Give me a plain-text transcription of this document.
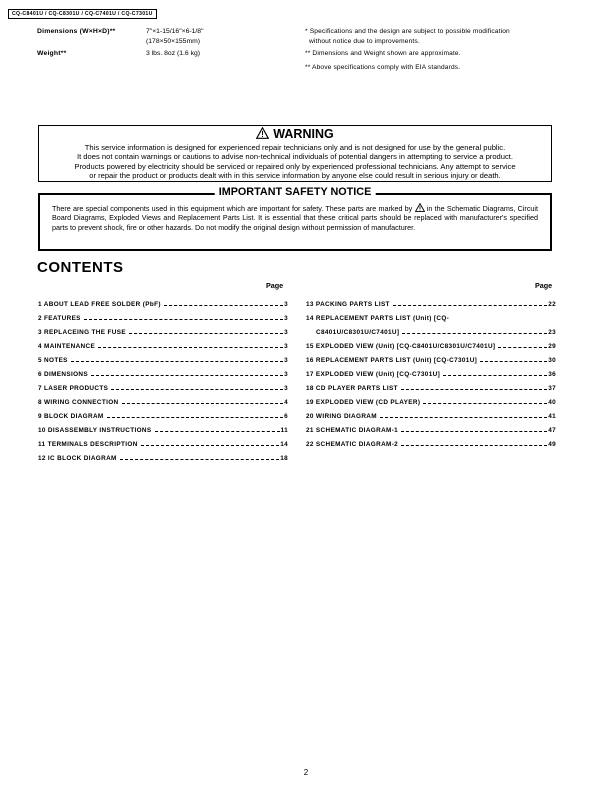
CQ-C8401U / CQ-C8301U / CQ-C7401U / CQ-C7301U
Dimensions (W×H×D)**	7"×1-15/16"×6-1/8"
(178×50×155mm)
Weight**	3 lbs. 8oz (1.6 kg)
* Specifications and the design are subject to possible modification
without notice due to improvements.
** Dimensions and Weight shown are approximate.
** Above specifications comply with EIA standards.
WARNING
This service information is designed for experienced repair technicians only and is not designed for use by the general public.
It does not contain warnings or cautions to advise non-technical individuals of potential dangers in attempting to service a product.
Products powered by electricity should be serviced or repaired only by experienced professional technicians. Any attempt to service
or repair the product or products dealt with in this service information by anyone else could result in serious injury or death.
IMPORTANT SAFETY NOTICE
There are special components used in this equipment which are important for safety. These parts are marked by in the Schematic Diagrams, Circuit Board Diagrams, Exploded Views and Replacement Parts List. It is essential that these critical parts should be replaced with manufacturer's specified parts to prevent shock, fire or other hazards. Do not modify the original design without permission of manufacturer.
CONTENTS
Page	Page
1 ABOUT LEAD FREE SOLDER (PbF)	3
2 FEATURES	3
3 REPLACEING THE FUSE	3
4 MAINTENANCE	3
5 NOTES	3
6 DIMENSIONS	3
7 LASER PRODUCTS	3
8 WIRING CONNECTION	4
9 BLOCK DIAGRAM	6
10 DISASSEMBLY INSTRUCTIONS	11
11 TERMINALS DESCRIPTION	14
12 IC BLOCK DIAGRAM	18
13 PACKING PARTS LIST	22
14 REPLACEMENT PARTS LIST (Unit) [CQ-
C8401U/C8301U/C7401U]	23
15 EXPLODED VIEW (Unit) [CQ-C8401U/C8301U/C7401U]	29
16 REPLACEMENT PARTS LIST (Unit) [CQ-C7301U]	30
17 EXPLODED VIEW (Unit) [CQ-C7301U]	36
18 CD PLAYER PARTS LIST	37
19 EXPLODED VIEW (CD PLAYER)	40
20 WIRING DIAGRAM	41
21 SCHEMATIC DIAGRAM-1	47
22 SCHEMATIC DIAGRAM-2	49
2
